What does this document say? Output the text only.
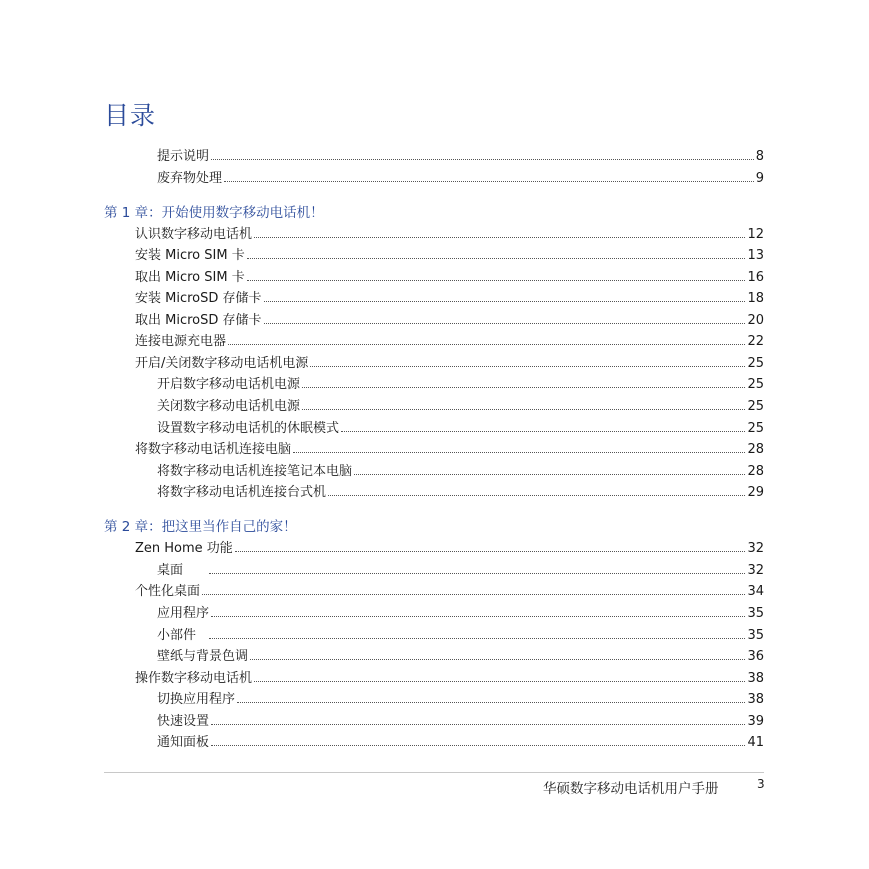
目录
提示说明	8
废弃物处理	9
第 1 章：开始使用数字移动电话机！
认识数字移动电话机	12
安装 Micro SIM 卡	13
取出 Micro SIM 卡	16
安装 MicroSD 存储卡	18
取出 MicroSD 存储卡	20
连接电源充电器	22
开启/关闭数字移动电话机电源	25
开启数字移动电话机电源	25
关闭数字移动电话机电源	25
设置数字移动电话机的休眠模式	25
将数字移动电话机连接电脑	28
将数字移动电话机连接笔记本电脑	28
将数字移动电话机连接台式机	29
第 2 章：把这里当作自己的家！
Zen Home 功能	32
桌面	32
个性化桌面	34
应用程序	35
小部件	35
壁纸与背景色调	36
操作数字移动电话机	38
切换应用程序	38
快速设置	39
通知面板	41
华硕数字移动电话机用户手册	3
